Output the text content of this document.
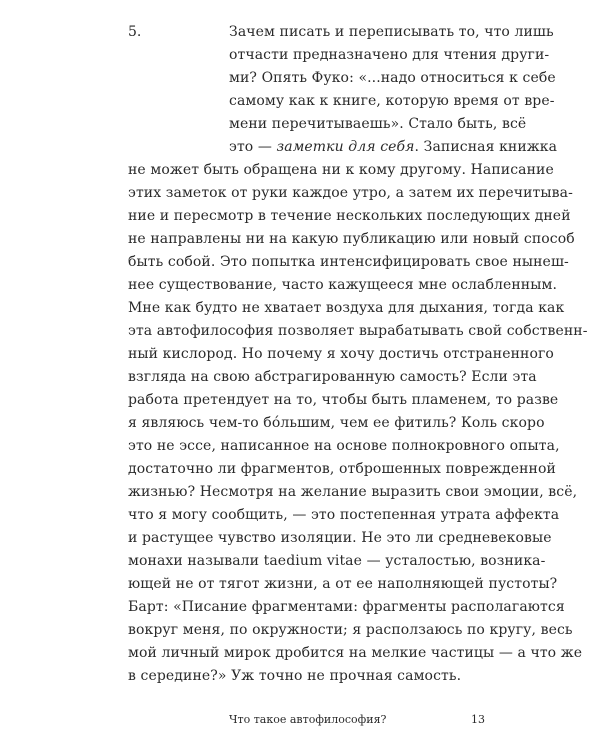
5.	Зачем писать и переписывать то, что лишь
отчасти предназначено для чтения други-
ми? Опять Фуко: «...надо относиться к себе
самому как к книге, которую время от вре-
мени перечитываешь». Стало быть, всё
это — заметки для себя. Записная книжка
не может быть обращена ни к кому другому. Написание
этих заметок от руки каждое утро, а затем их перечитыва-
ние и пересмотр в течение нескольких последующих дней
не направлены ни на какую публикацию или новый способ
быть собой. Это попытка интенсифицировать свое нынеш-
нее существование, часто кажущееся мне ослабленным.
Мне как будто не хватает воздуха для дыхания, тогда как
эта автофилософия позволяет вырабатывать свой собственн-
ный кислород. Но почему я хочу достичь отстраненного
взгляда на свою абстрагированную самость? Если эта
работа претендует на то, чтобы быть пламенем, то разве
я являюсь чем-то бóльшим, чем ее фитиль? Коль скоро
это не эссе, написанное на основе полнокровного опыта,
достаточно ли фрагментов, отброшенных поврежденной
жизнью? Несмотря на желание выразить свои эмоции, всё,
что я могу сообщить, — это постепенная утрата аффекта
и растущее чувство изоляции. Не это ли средневековые
монахи называли taedium vitae — усталостью, возника-
ющей не от тягот жизни, а от ее наполняющей пустоты?
Барт: «Писание фрагментами: фрагменты располагаются
вокруг меня, по окружности; я расползаюсь по кругу, весь
мой личный мирок дробится на мелкие частицы — а что же
в середине?» Уж точно не прочная самость.
Что такое автофилософия?	13
